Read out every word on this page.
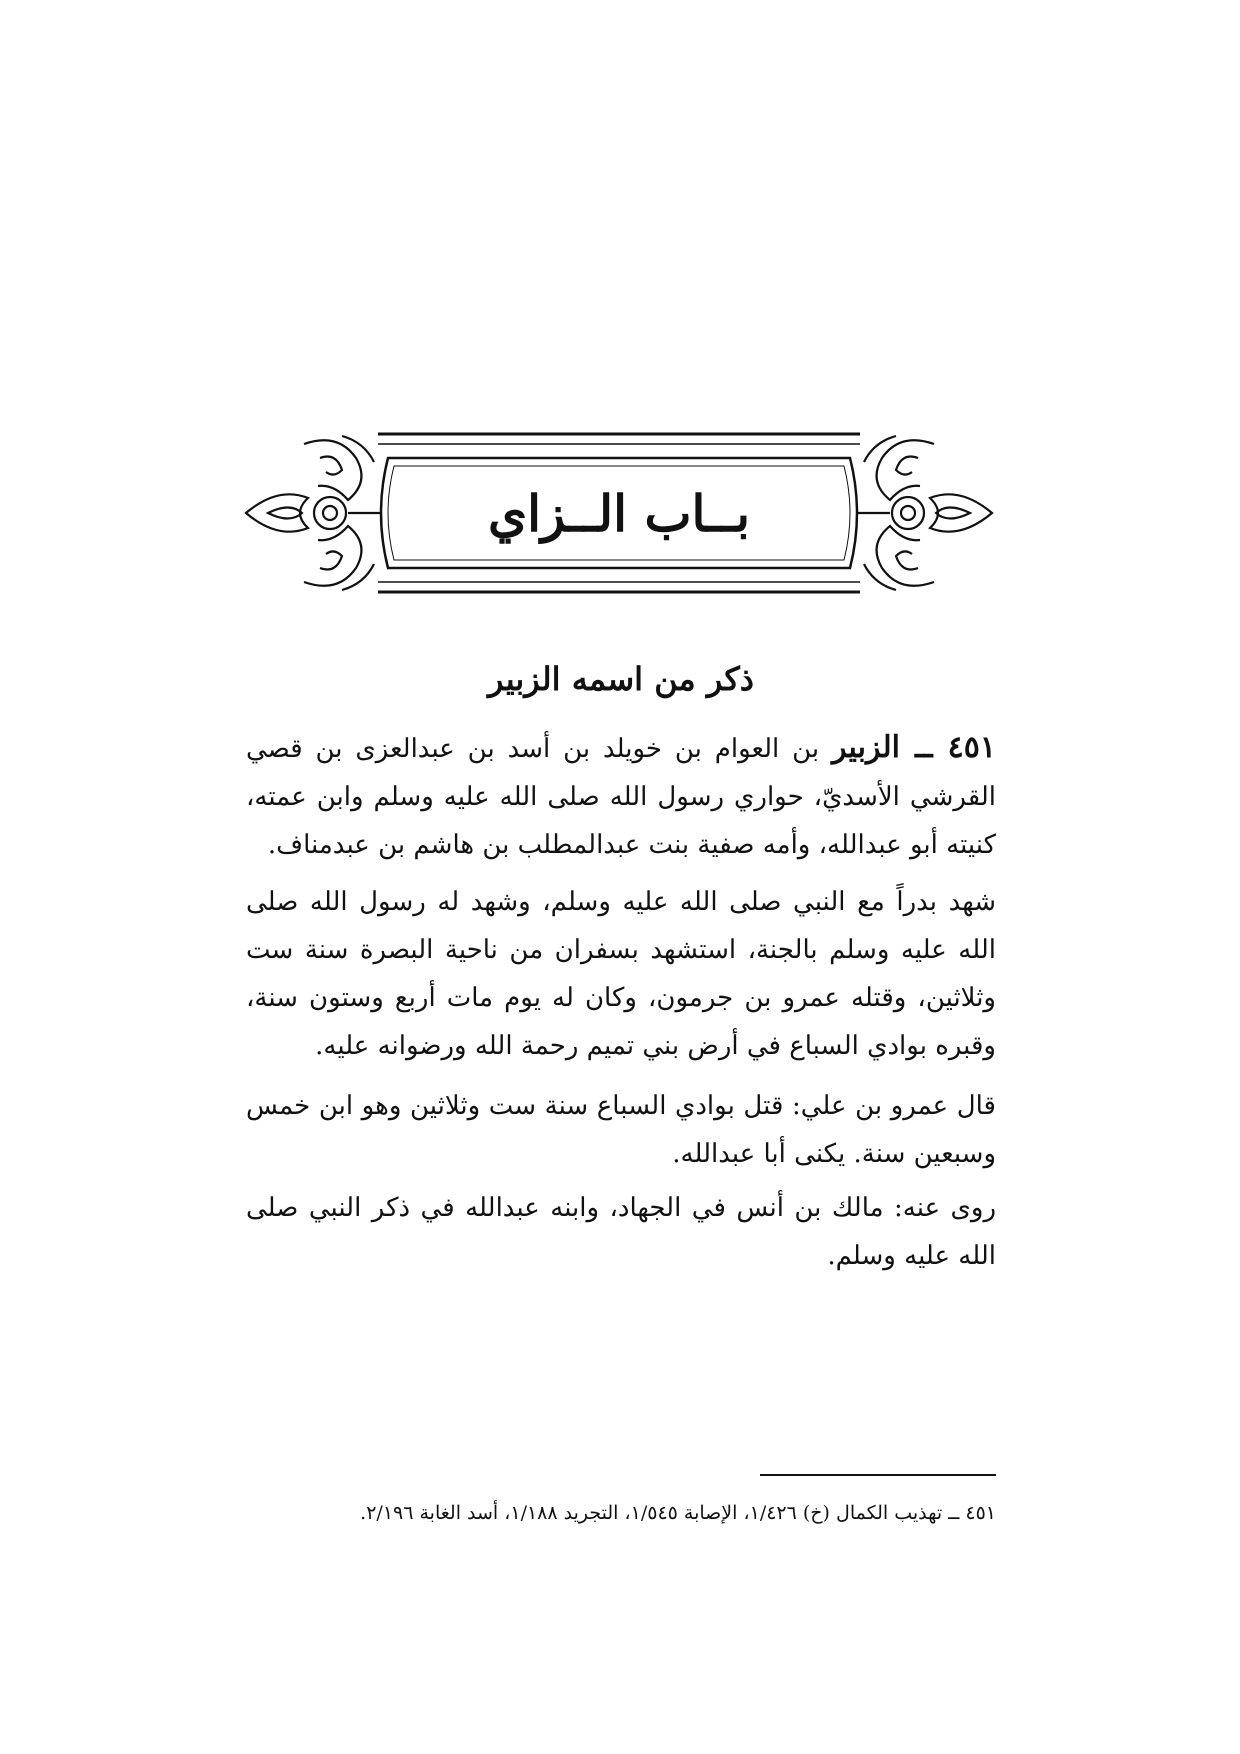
بــاب الــزاي
ذكر من اسمه الزبير
٤٥١ ــ الزبير بن العوام بن خويلد بن أسد بن عبدالعزى بن قصي القرشي الأسديّ، حواري رسول الله صلى الله عليه وسلم وابن عمته، كنيته أبو عبدالله، وأمه صفية بنت عبدالمطلب بن هاشم بن عبدمناف.
شهد بدراً مع النبي صلى الله عليه وسلم، وشهد له رسول الله صلى الله عليه وسلم بالجنة، استشهد بسفران من ناحية البصرة سنة ست وثلاثين، وقتله عمرو بن جرمون، وكان له يوم مات أربع وستون سنة، وقبره بوادي السباع في أرض بني تميم رحمة الله ورضوانه عليه.
قال عمرو بن علي: قتل بوادي السباع سنة ست وثلاثين وهو ابن خمس وسبعين سنة. يكنى أبا عبدالله.
روى عنه: مالك بن أنس في الجهاد، وابنه عبدالله في ذكر النبي صلى الله عليه وسلم.
٤٥١ ــ تهذيب الكمال (خ) ١/٤٢٦، الإصابة ١/٥٤٥، التجريد ١/١٨٨، أسد الغابة ٢/١٩٦.
